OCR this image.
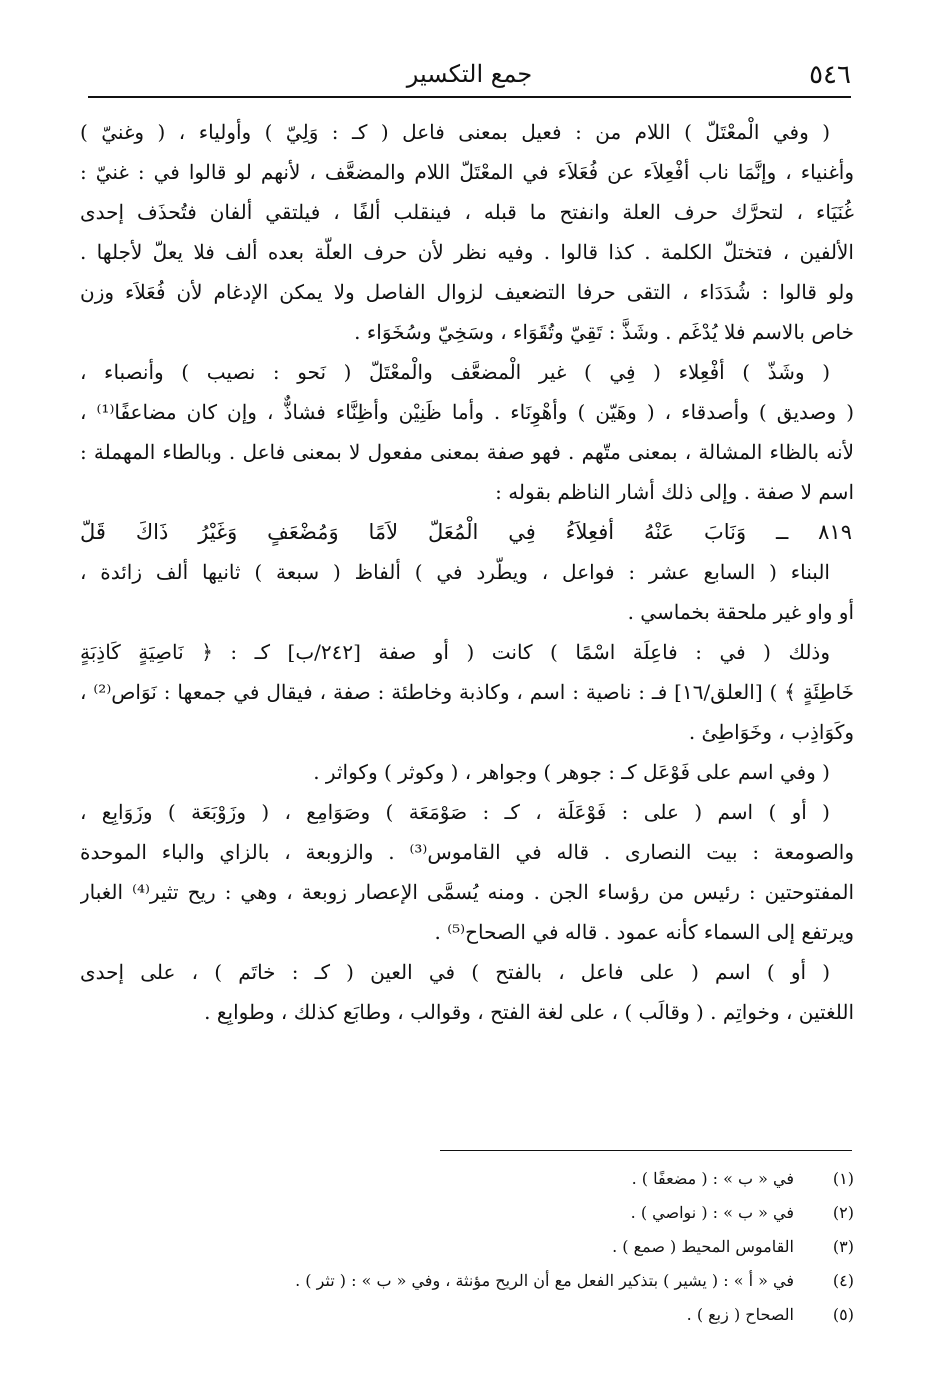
٥٤٦
جمع التكسير
( وفي الْمعْتَلّ ) اللام من : فعيل بمعنى فاعل ( كـ : وَلِيّ ) وأولياء ، ( وغنيّ )
وأغنياء ، وإنَّمَا ناب أفْعِلاَء عن فُعَلاَء في المعْتَلّ اللام والمضعَّف ، لأنهم لو قالوا في : غنيّ :
غُنَيَاء ، لتحرَّك حرف العلة وانفتح ما قبله ، فينقلب ألفًا ، فيلتقي ألفان فتُحذَف إحدى
الألفين ، فتختلّ الكلمة . كذا قالوا . وفيه نظر لأن حرف العلّة بعده ألف فلا يعلّ لأجلها .
ولو قالوا : شُدَدَاء ، التقى حرفا التضعيف لزوال الفاصل ولا يمكن الإدغام لأن فُعَلاَء وزن
خاص بالاسم فلا يُدْغَم . وشَذَّ : تَقِيّ وتُقَوَاء ، وسَخِيّ وسُخَوَاء .
( وشَذّ ) أفْعِلاء ( فِي ) غير الْمضعَّف والْمعْتَلّ ( نَحو : نصيب ) وأنصباء ،
( وصديق ) وأصدقاء ، ( وهَيّن ) وأهْوِنَاء . وأما ظَنِيْن وأظِنَّاء فشاذٌّ ، وإن كان مضاعفًا⁽¹⁾ ،
لأنه بالظاء المشالة ، بمعنى متّهم . فهو صفة بمعنى مفعول لا بمعنى فاعل . وبالطاء المهملة :
اسم لا صفة . وإلى ذلك أشار الناظم بقوله :
٨١٩ ــ وَنَابَ عَنْهُ أفعِلاَءُ فِي الْمُعَلّ لاَمًا وَمُضْعَفٍ وَغَيْرُ ذَاكَ قَلّ
البناء ( السابع عشر : فواعل ، ويطّرد في ) ألفاظ ( سبعة ) ثانيها ألف زائدة ،
أو واو غير ملحقة بخماسي .
وذلك ( في : فاعِلَة اسْمًا ) كانت ( أو صفة [٢٤٢/ب] كـ : ﴿ نَاصِيَةٍ كَاذِبَةٍ
خَاطِئَةٍ ﴾ ) [العلق/١٦] فـ : ناصية : اسم ، وكاذبة وخاطئة : صفة ، فيقال في جمعها : نَوَاص⁽²⁾ ،
وكَوَاذِب ، وخَوَاطِئ .
( وفي اسم على فَوْعَل كـ : جوهر ) وجواهر ، ( وكوثر ) وكواثر .
( أو ) اسم ( على : فَوْعَلَة ، كـ : صَوْمَعَة ) وصَوَامِع ، ( وزَوْبَعَة ) وزَوَابِع ،
والصومعة : بيت النصارى . قاله في القاموس⁽³⁾ . والزوبعة ، بالزاي والباء الموحدة
المفتوحتين : رئيس من رؤساء الجن . ومنه يُسمَّى الإعصار زوبعة ، وهي : ريح تثير⁽⁴⁾ الغبار
ويرتفع إلى السماء كأنه عمود . قاله في الصحاح⁽⁵⁾ .
( أو ) اسم ( على فاعل ، بالفتح ) في العين ( كـ : خاتَم ) ، على إحدى
اللغتين ، وخواتِم . ( وقالَب ) ، على لغة الفتح ، وقوالب ، وطابَع كذلك ، وطوابِع .
(١)في « ب » : ( مضعفًا ) .
(٢)في « ب » : ( نواصي ) .
(٣)القاموس المحيط ( صمع ) .
(٤)في « أ » : ( يشير ) بتذكير الفعل مع أن الريح مؤنثة ، وفي « ب » : ( تثر ) .
(٥)الصحاح ( زبع ) .
